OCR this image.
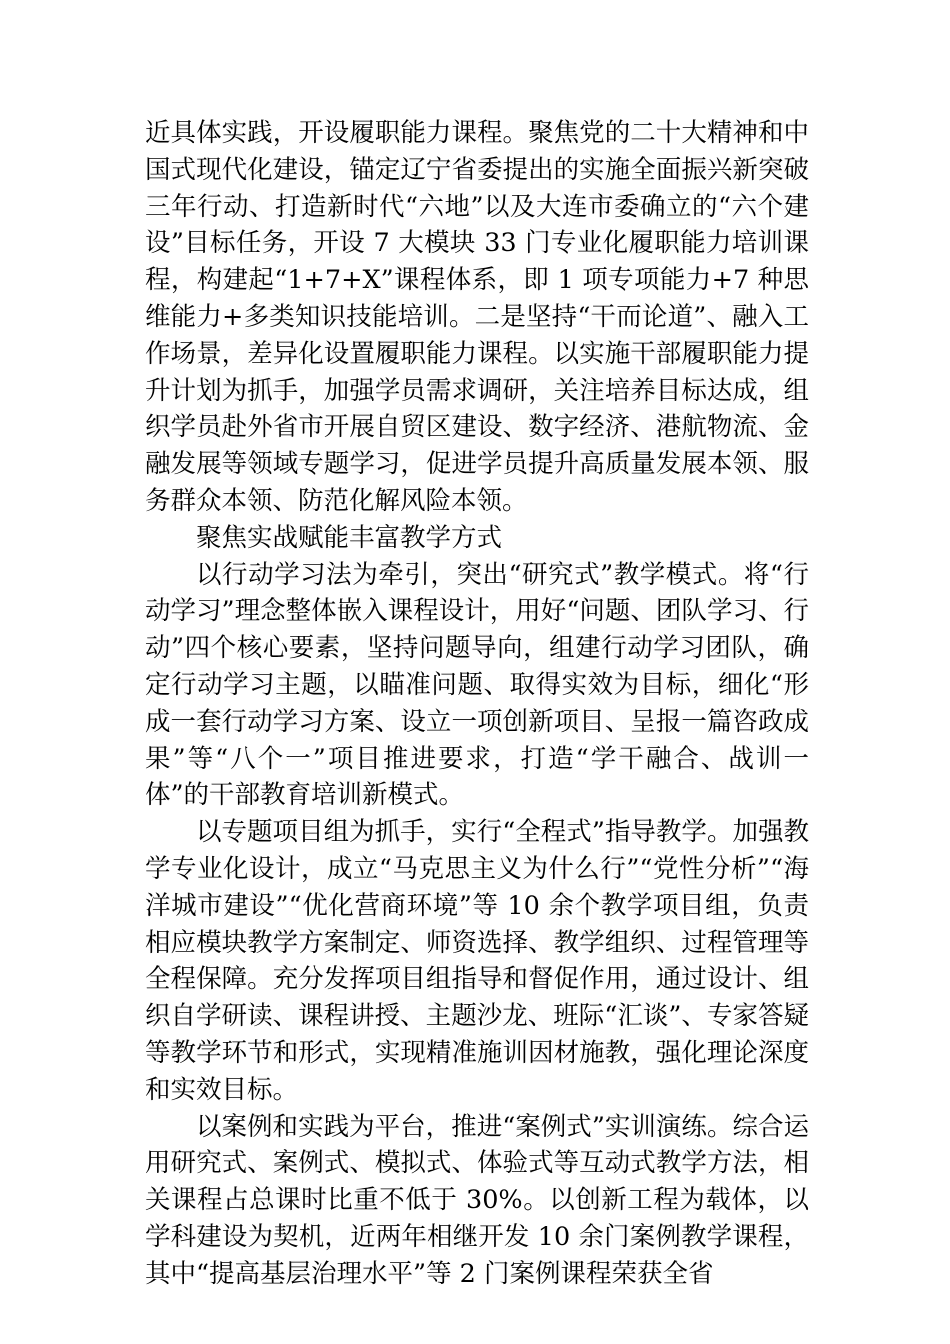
近具体实践，开设履职能力课程。聚焦党的二十大精神和中国式现代化建设，锚定辽宁省委提出的实施全面振兴新突破三年行动、打造新时代“六地”以及大连市委确立的“六个建设”目标任务，开设 7 大模块 33 门专业化履职能力培训课程，构建起“1+7+X”课程体系，即 1 项专项能力+7 种思维能力+多类知识技能培训。二是坚持“干而论道”、融入工作场景，差异化设置履职能力课程。以实施干部履职能力提升计划为抓手，加强学员需求调研，关注培养目标达成，组织学员赴外省市开展自贸区建设、数字经济、港航物流、金融发展等领域专题学习，促进学员提升高质量发展本领、服务群众本领、防范化解风险本领。

聚焦实战赋能丰富教学方式

以行动学习法为牵引，突出“研究式”教学模式。将“行动学习”理念整体嵌入课程设计，用好“问题、团队学习、行动”四个核心要素，坚持问题导向，组建行动学习团队，确定行动学习主题，以瞄准问题、取得实效为目标，细化“形成一套行动学习方案、设立一项创新项目、呈报一篇咨政成果”等“八个一”项目推进要求，打造“学干融合、战训一体”的干部教育培训新模式。

以专题项目组为抓手，实行“全程式”指导教学。加强教学专业化设计，成立“马克思主义为什么行”“党性分析”“海洋城市建设”“优化营商环境”等 10 余个教学项目组，负责相应模块教学方案制定、师资选择、教学组织、过程管理等全程保障。充分发挥项目组指导和督促作用，通过设计、组织自学研读、课程讲授、主题沙龙、班际“汇谈”、专家答疑等教学环节和形式，实现精准施训因材施教，强化理论深度和实效目标。

以案例和实践为平台，推进“案例式”实训演练。综合运用研究式、案例式、模拟式、体验式等互动式教学方法，相关课程占总课时比重不低于 30%。以创新工程为载体，以学科建设为契机，近两年相继开发 10 余门案例教学课程，其中“提高基层治理水平”等 2 门案例课程荣获全省
